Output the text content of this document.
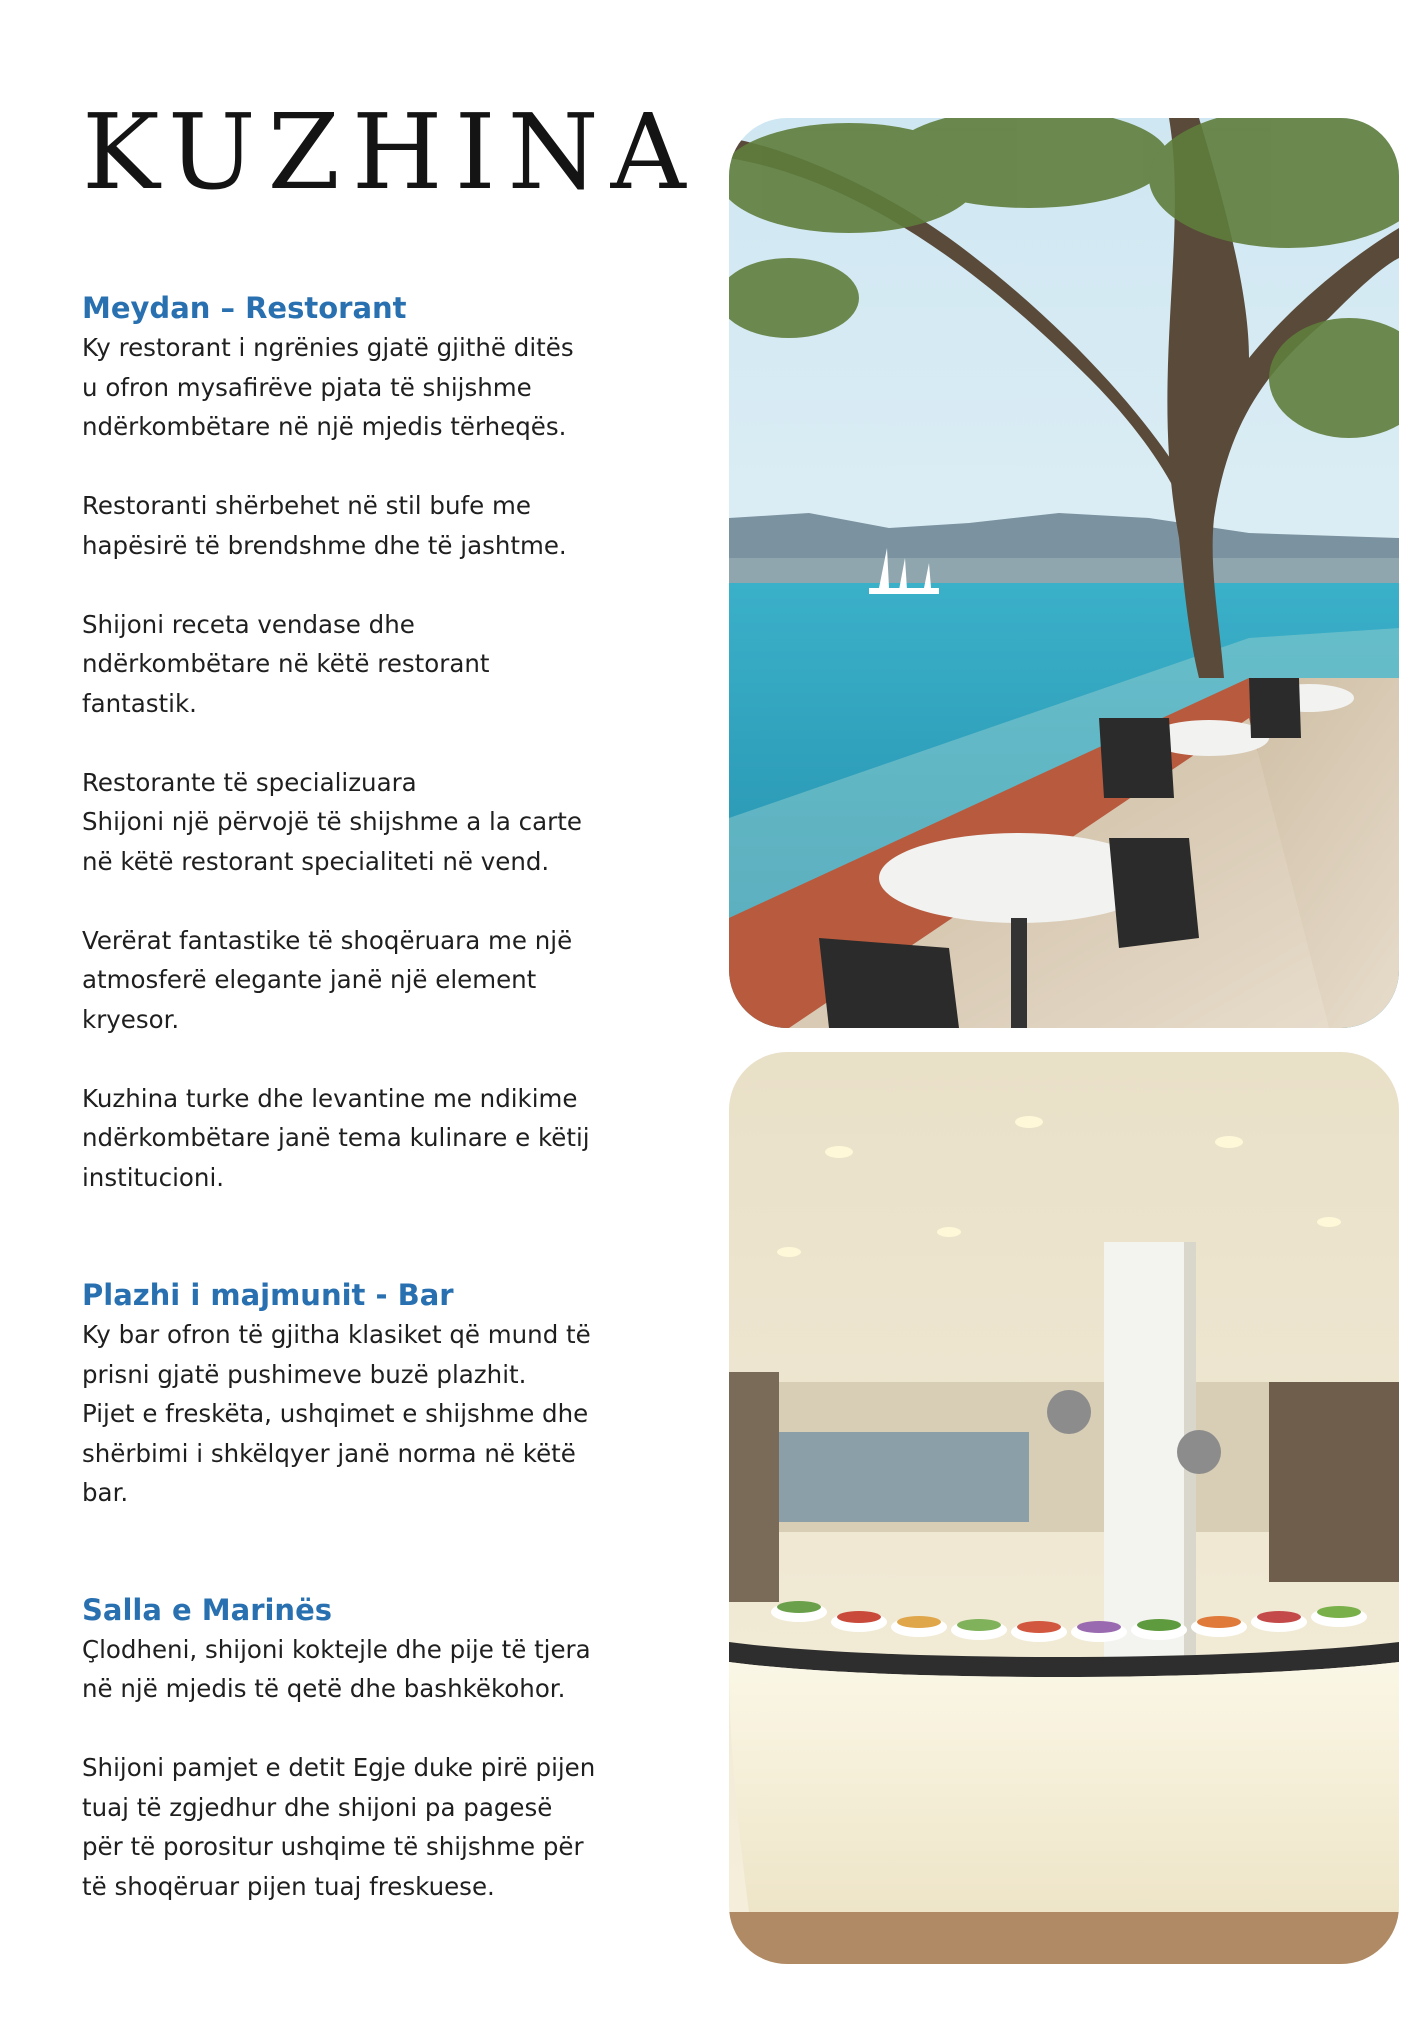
KUZHINA
Meydan – Restorant

Ky restorant i ngrënies gjatë gjithë ditës
u ofron mysafirëve pjata të shijshme
ndërkombëtare në një mjedis tërheqës.

Restoranti shërbehet në stil bufe me
hapësirë të brendshme dhe të jashtme.

Shijoni receta vendase dhe
ndërkombëtare në këtë restorant
fantastik.

Restorante të specializuara
Shijoni një përvojë të shijshme a la carte
në këtë restorant specialiteti në vend.

Verërat fantastike të shoqëruara me një
atmosferë elegante janë një element
kryesor.

Kuzhina turke dhe levantine me ndikime
ndërkombëtare janë tema kulinare e këtij
institucioni.

Plazhi i majmunit - Bar

Ky bar ofron të gjitha klasiket që mund të
prisni gjatë pushimeve buzë plazhit.
Pijet e freskëta, ushqimet e shijshme dhe
shërbimi i shkëlqyer janë norma në këtë
bar.

Salla e Marinës

Çlodheni, shijoni koktejle dhe pije të tjera
në një mjedis të qetë dhe bashkëkohor.

Shijoni pamjet e detit Egje duke pirë pijen
tuaj të zgjedhur dhe shijoni pa pagesë
për të porositur ushqime të shijshme për
të shoqëruar pijen tuaj freskuese.
